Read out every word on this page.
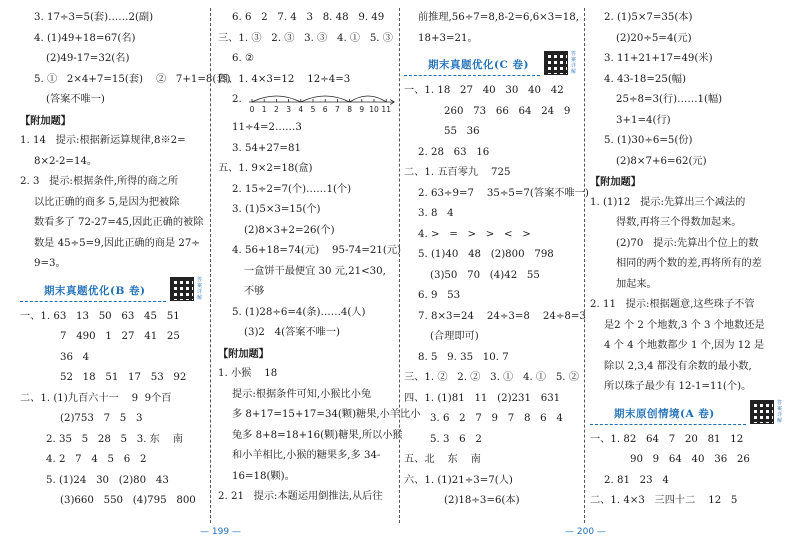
3. 17÷3=5(套)……2(副)
4. (1)49+18=67(名)
(2)49-17=32(名)
5. ①   2×4+7=15(套)    ②   7+1=8(套)
(答案不唯一)
【附加题】
1. 14   提示:根据新运算规律,8※2=
8×2-2=14。
2. 3   提示:根据条件,所得的商之所
以比正确的商多 5,是因为把被除
数看多了 72-27=45,因此正确的被除
数是 45÷5=9,因此正确的商是 27÷
9=3。
期末真题优化(B 卷)
答案详解
一、1. 63   13   50   63   45   51
7   490   1   27   41   25
36   4
52   18   51   17   53   92
二、1. (1)九百六十一    9  9个百
(2)753   7   5   3
2. 35   5   28   5   3. 东    南
4. 2   7   4   5   6   2
5. (1)24   30   (2)80   43
(3)660   550   (4)795   800
6. 6   2   7. 4   3   8. 48   9. 49
三、1. ③   2. ③   3. ③   4. ①   5. ③
6. ②
四、1. 4×3=12    12÷4=3
2.
0 1 2 3 4 5 6 7 8 9 10 11
11÷4=2……3
3. 54+27=81
五、1. 9×2=18(盒)
2. 15÷2=7(个)……1(个)
3. (1)5×3=15(个)
(2)8×3+2=26(个)
4. 56+18=74(元)    95-74=21(元)
一盒饼干最便宜 30 元,21<30,
不够
5. (1)28÷6=4(条)……4(人)
(3)2   4(答案不唯一)
【附加题】
1. 小猴    18
提示:根据条件可知,小猴比小兔
多 8+17=15+17=34(颗)糖果,小羊比小
兔多 8+8=18+16(颗)糖果,所以小猴
和小羊相比,小猴的糖果多,多 34-
16=18(颗)。
2. 21   提示:本题运用倒推法,从后往
前推理,56÷7=8,8-2=6,6×3=18,
18+3=21。
期末真题优化(C 卷)
答案详解
一、1. 18   27   40   30   40   42
260   73   66   64   24   9
55   36
2. 28   63   16
二、1. 五百零九    725
2. 63÷9=7    35÷5=7(答案不唯一)
3. 8   4
4. >   =   >   >   <   >
5. (1)40   48   (2)800   798
(3)50   70   (4)42   55
6. 9   53
7. 8×3=24    24÷3=8    24÷8=3
(合理即可)
8. 5   9. 35   10. 7
三、1. ②   2. ②   3. ①   4. ①   5. ②
四、1. (1)81   11   (2)231   631
3. 6   2   7   9   7   8   6   4
5. 3   6   2
五、北    东    南
六、1. (1)21÷3=7(人)
(2)18÷3=6(本)
2. (1)5×7=35(本)
(2)20÷5=4(元)
3. 11+21+17=49(米)
4. 43-18=25(幅)
25÷8=3(行)……1(幅)
3+1=4(行)
5. (1)30÷6=5(份)
(2)8×7+6=62(元)
【附加题】
1. (1)12   提示:先算出三个减法的
得数,再将三个得数加起来。
(2)70   提示:先算出个位上的数
相同的两个数的差,再将所有的差
加起来。
2. 11   提示:根据题意,这些珠子不管
是2 个 2 个地数,3 个 3 个地数还是
4 个 4 个地数都少 1 个,因为 12 是
除以 2,3,4 都没有余数的最小数,
所以珠子最少有 12-1=11(个)。
期末原创情境(A 卷)
答案详解
一、1. 82   64   7   20   81   12
90   9   64   40   36   26
2. 81   23   4
二、1. 4×3   三四十二    12   5
— 199 —	— 200 —
